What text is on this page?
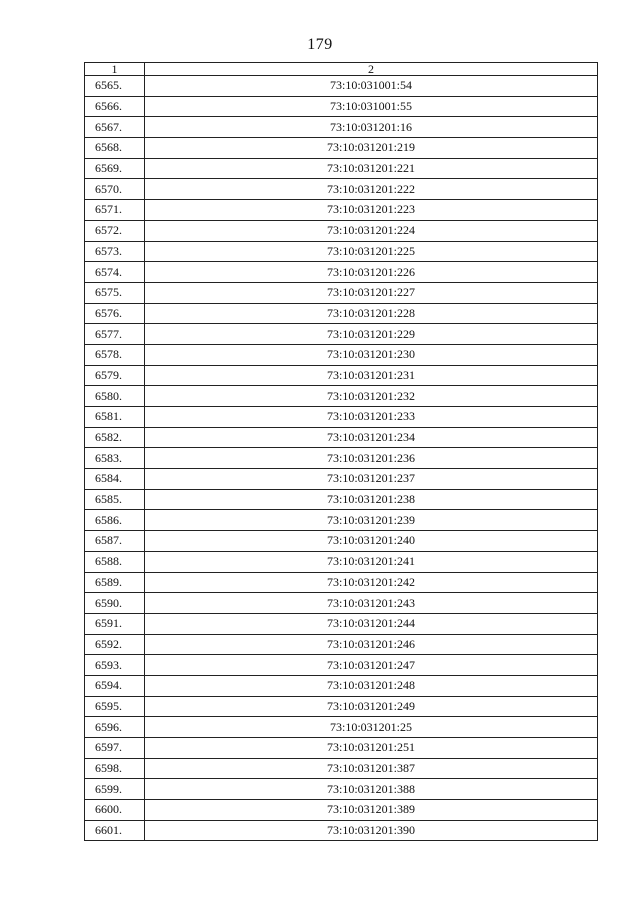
179
1	2
6565.	73:10:031001:54
6566.	73:10:031001:55
6567.	73:10:031201:16
6568.	73:10:031201:219
6569.	73:10:031201:221
6570.	73:10:031201:222
6571.	73:10:031201:223
6572.	73:10:031201:224
6573.	73:10:031201:225
6574.	73:10:031201:226
6575.	73:10:031201:227
6576.	73:10:031201:228
6577.	73:10:031201:229
6578.	73:10:031201:230
6579.	73:10:031201:231
6580.	73:10:031201:232
6581.	73:10:031201:233
6582.	73:10:031201:234
6583.	73:10:031201:236
6584.	73:10:031201:237
6585.	73:10:031201:238
6586.	73:10:031201:239
6587.	73:10:031201:240
6588.	73:10:031201:241
6589.	73:10:031201:242
6590.	73:10:031201:243
6591.	73:10:031201:244
6592.	73:10:031201:246
6593.	73:10:031201:247
6594.	73:10:031201:248
6595.	73:10:031201:249
6596.	73:10:031201:25
6597.	73:10:031201:251
6598.	73:10:031201:387
6599.	73:10:031201:388
6600.	73:10:031201:389
6601.	73:10:031201:390
